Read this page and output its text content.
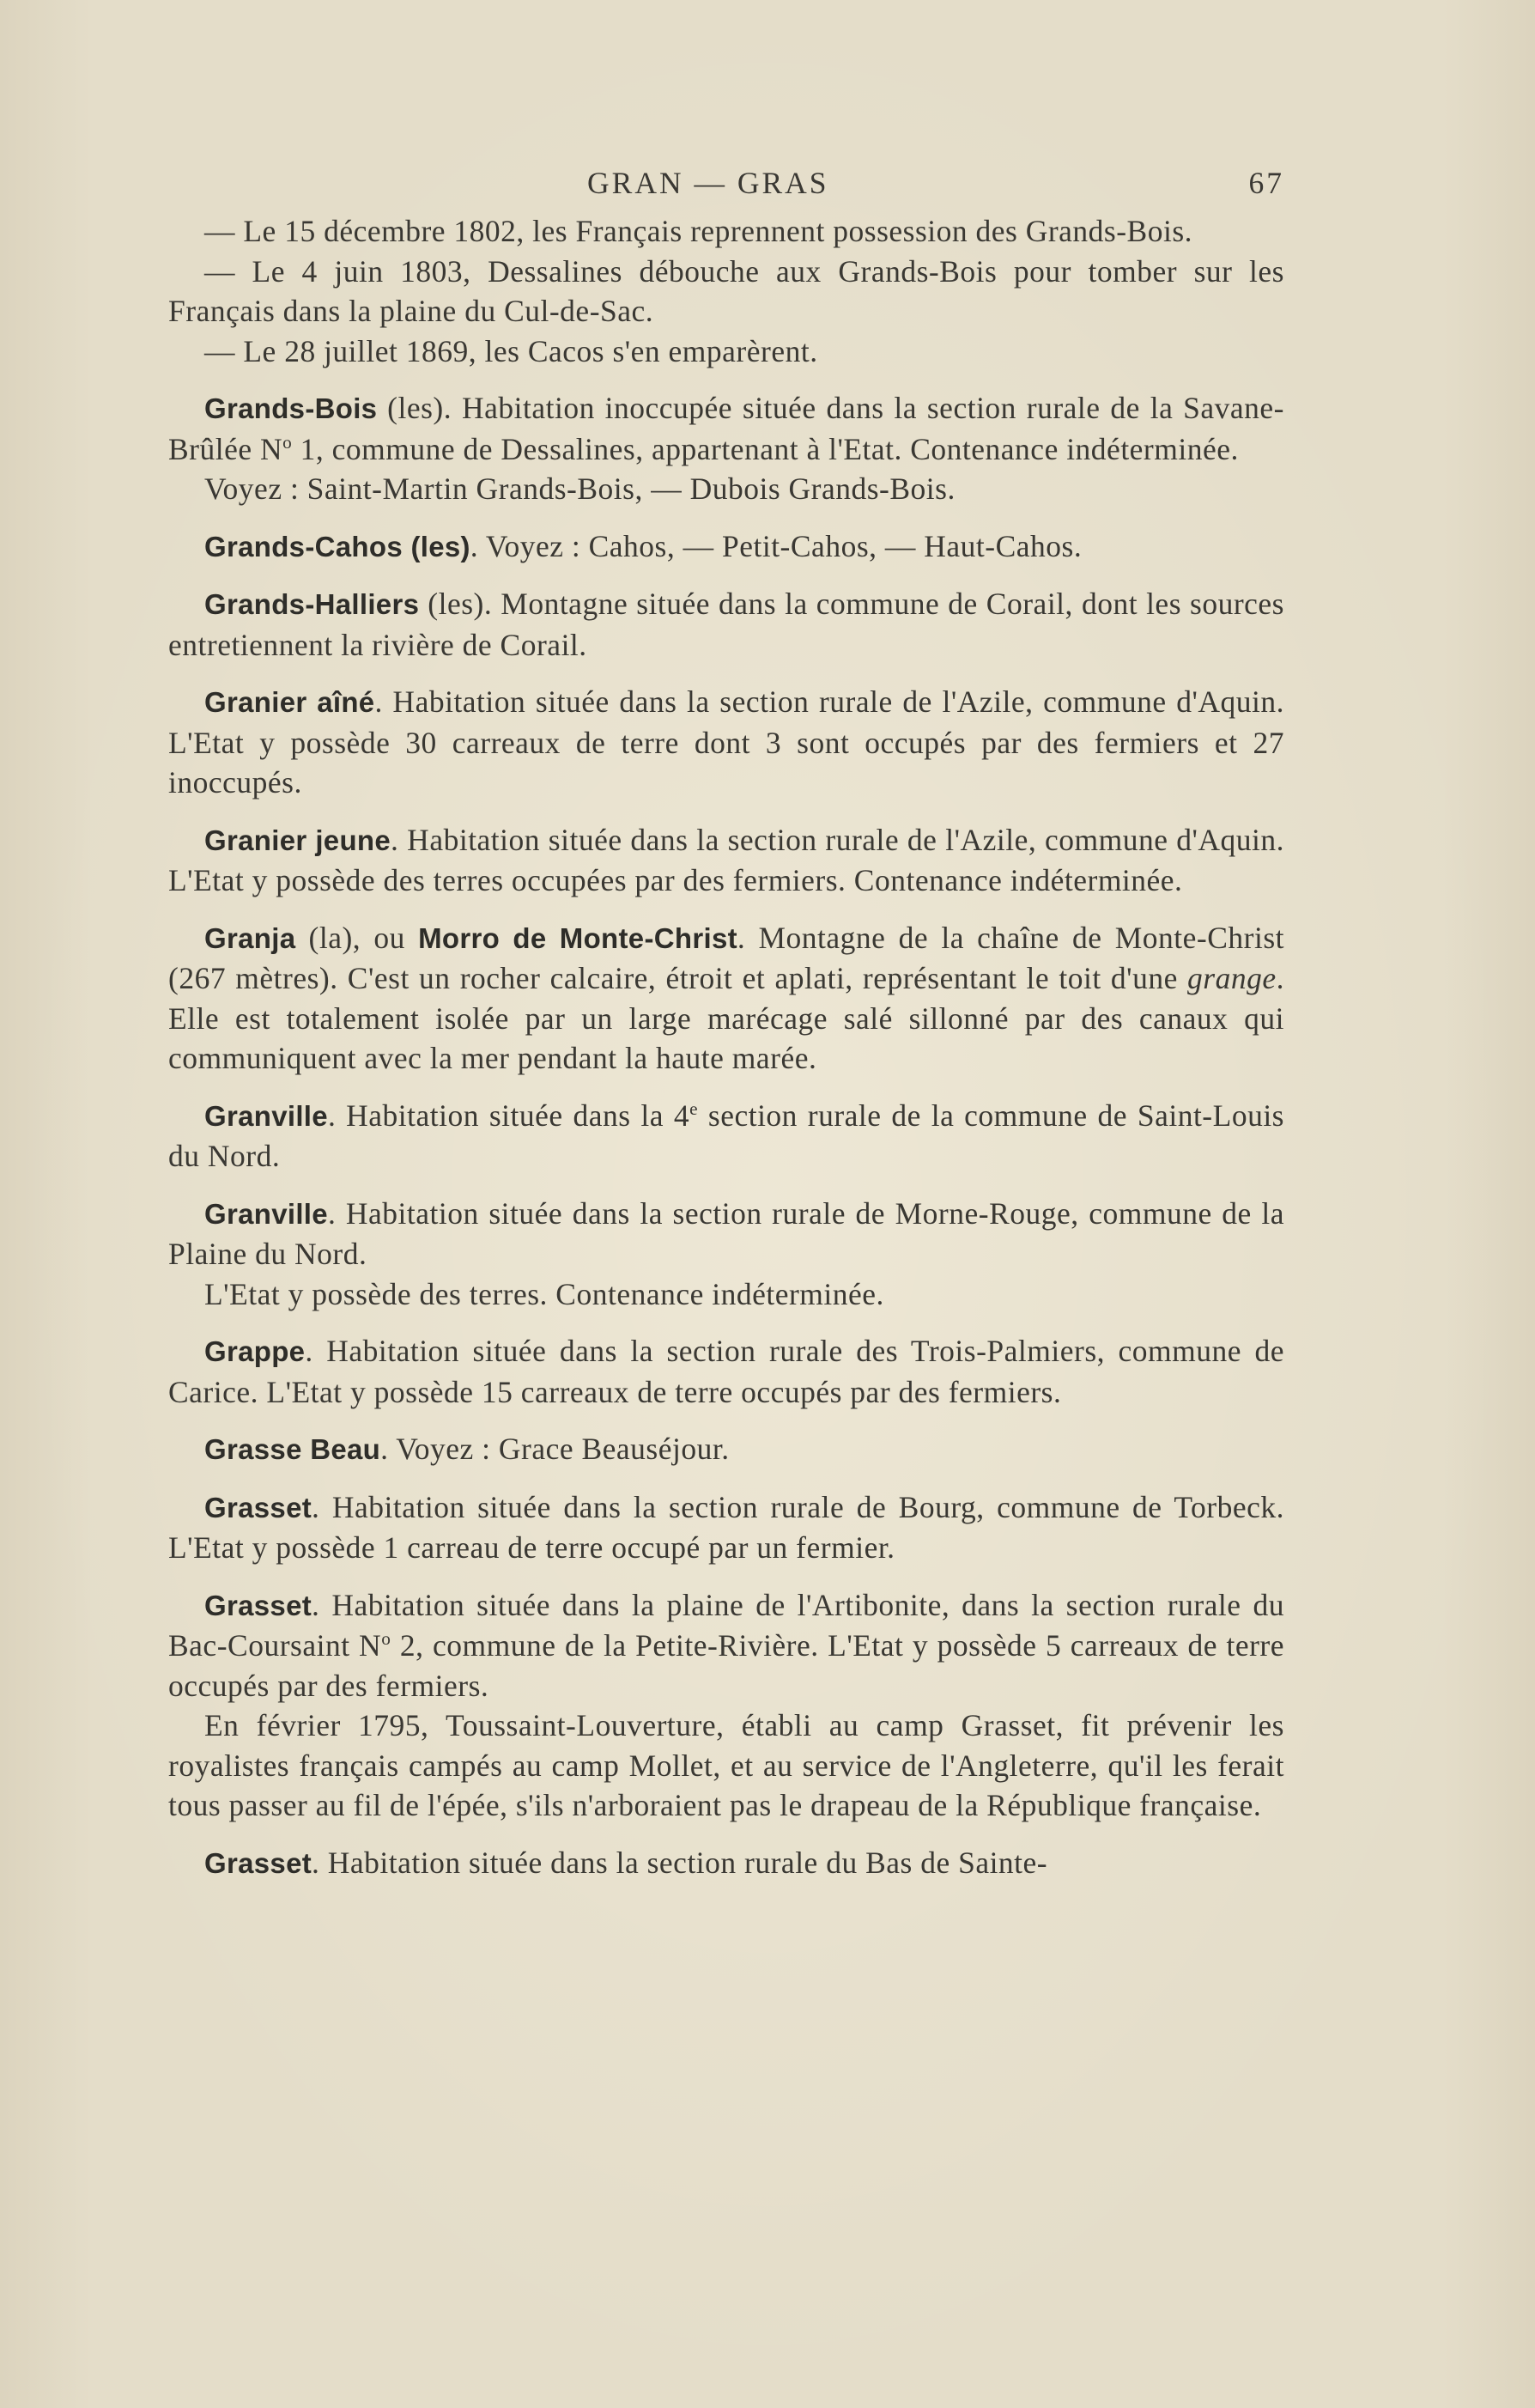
GRAN — GRAS	67

— Le 15 décembre 1802, les Français reprennent possession des Grands-Bois.

— Le 4 juin 1803, Dessalines débouche aux Grands-Bois pour tomber sur les Français dans la plaine du Cul-de-Sac.

— Le 28 juillet 1869, les Cacos s'en emparèrent.

Grands-Bois (les). Habitation inoccupée située dans la section rurale de la Savane-Brûlée $N^o$ 1, commune de Dessalines, appartenant à l'Etat. Contenance indéterminée.

Voyez : Saint-Martin Grands-Bois, — Dubois Grands-Bois.

Grands-Cahos (les). Voyez : Cahos, — Petit-Cahos, — Haut-Cahos.

Grands-Halliers (les). Montagne située dans la commune de Corail, dont les sources entretiennent la rivière de Corail.

Granier aîné. Habitation située dans la section rurale de l'Azile, commune d'Aquin. L'Etat y possède 30 carreaux de terre dont 3 sont occupés par des fermiers et 27 inoccupés.

Granier jeune. Habitation située dans la section rurale de l'Azile, commune d'Aquin. L'Etat y possède des terres occupées par des fermiers. Contenance indéterminée.

Granja (la), ou Morro de Monte-Christ. Montagne de la chaîne de Monte-Christ (267 mètres). C'est un rocher calcaire, étroit et aplati, représentant le toit d'une grange. Elle est totalement isolée par un large marécage salé sillonné par des canaux qui communiquent avec la mer pendant la haute marée.

Granville. Habitation située dans la 4e section rurale de la commune de Saint-Louis du Nord.

Granville. Habitation située dans la section rurale de Morne-Rouge, commune de la Plaine du Nord.

L'Etat y possède des terres. Contenance indéterminée.

Grappe. Habitation située dans la section rurale des Trois-Palmiers, commune de Carice. L'Etat y possède 15 carreaux de terre occupés par des fermiers.

Grasse Beau. Voyez : Grace Beauséjour.

Grasset. Habitation située dans la section rurale de Bourg, commune de Torbeck. L'Etat y possède 1 carreau de terre occupé par un fermier.

Grasset. Habitation située dans la plaine de l'Artibonite, dans la section rurale du Bac-Coursaint $N^o$ 2, commune de la Petite-Rivière. L'Etat y possède 5 carreaux de terre occupés par des fermiers.

En février 1795, Toussaint-Louverture, établi au camp Grasset, fit prévenir les royalistes français campés au camp Mollet, et au service de l'Angleterre, qu'il les ferait tous passer au fil de l'épée, s'ils n'arboraient pas le drapeau de la République française.

Grasset. Habitation située dans la section rurale du Bas de Sainte-
